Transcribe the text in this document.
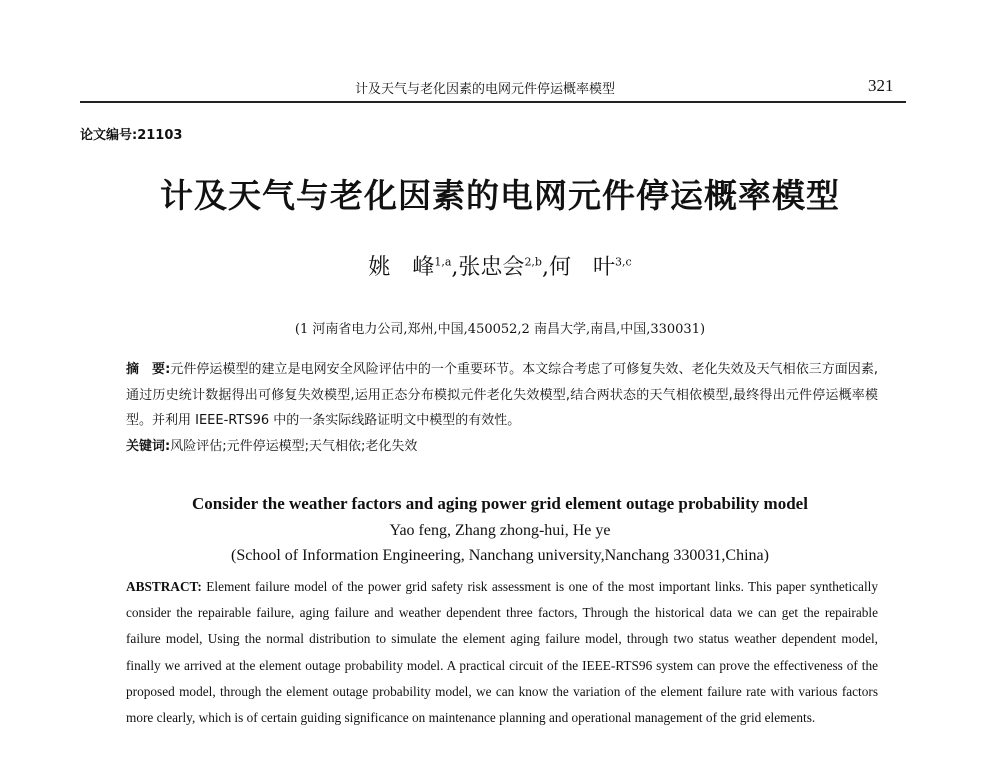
计及天气与老化因素的电网元件停运概率模型	321
论文编号:21103
计及天气与老化因素的电网元件停运概率模型
姚　峰$^{1,a}$,张忠会$^{2,b}$,何　叶$^{3,c}$
(1 河南省电力公司,郑州,中国,450052,2 南昌大学,南昌,中国,330031)
摘　要:元件停运模型的建立是电网安全风险评估中的一个重要环节。本文综合考虑了可修复失效、老化失效及天气相依三方面因素,通过历史统计数据得出可修复失效模型,运用正态分布模拟元件老化失效模型,结合两状态的天气相依模型,最终得出元件停运概率模型。并利用 IEEE-RTS96 中的一条实际线路证明文中模型的有效性。
关键词:风险评估;元件停运模型;天气相依;老化失效
Consider the weather factors and aging power grid element outage probability model
Yao feng, Zhang zhong-hui, He ye
(School of Information Engineering, Nanchang university,Nanchang 330031,China)
ABSTRACT: Element failure model of the power grid safety risk assessment is one of the most important links. This paper synthetically consider the repairable failure, aging failure and weather dependent three factors, Through the historical data we can get the repairable failure model, Using the normal distribution to simulate the element aging failure model, through two status weather dependent model, finally we arrived at the element outage probability model. A practical circuit of the IEEE-RTS96 system can prove the effectiveness of the proposed model, through the element outage probability model, we can know the variation of the element failure rate with various factors more clearly, which is of certain guiding significance on maintenance planning and operational management of the grid elements.
